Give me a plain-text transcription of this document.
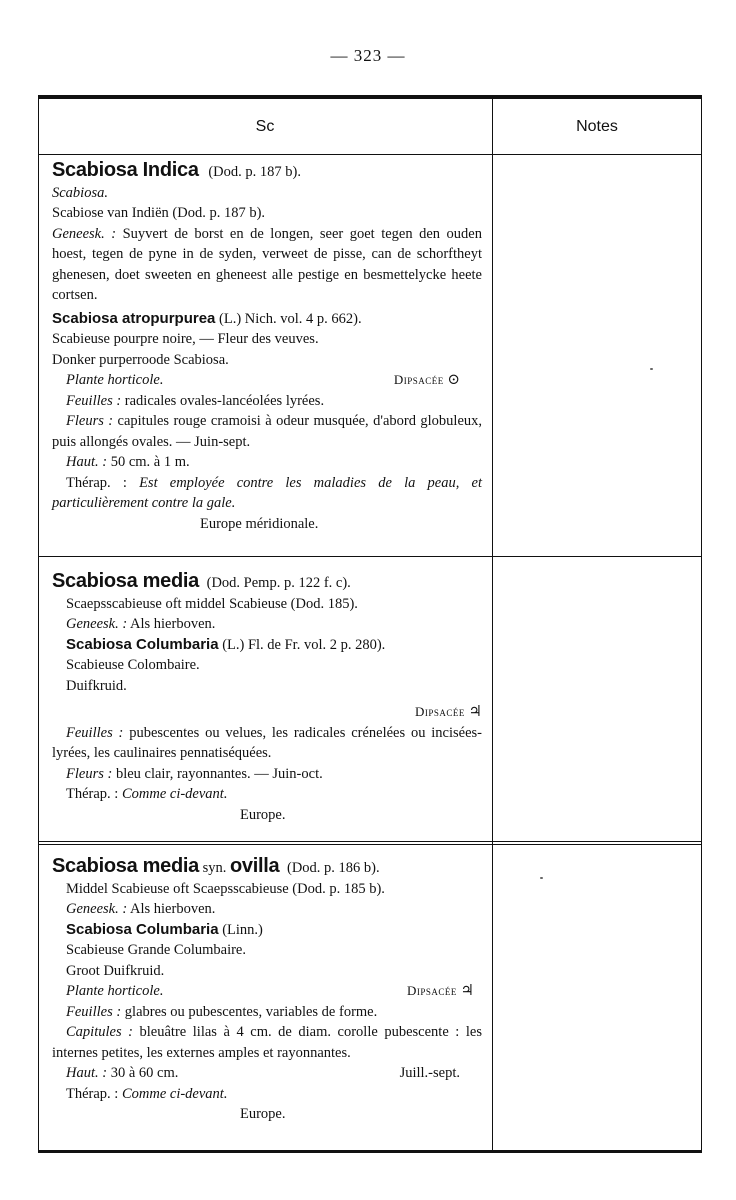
— 323 —
Sc	Notes
Scabiosa Indica (Dod. p. 187 b).
Scabiosa.
Scabiose van Indiën (Dod. p. 187 b).
Geneesk. : Suyvert de borst en de longen, seer goet tegen den ouden hoest, tegen de pyne in de syden, verweet de pisse, can de schorftheyt ghenesen, doet sweeten en gheneest alle pestige en besmettelycke heete cortsen.
Scabiosa atropurpurea (L.) Nich. vol. 4 p. 662).
Scabieuse pourpre noire, — Fleur des veuves.
Donker purperroode Scabiosa.
Plante horticole.	Dipsacée ⊙
Feuilles : radicales ovales-lancéolées lyrées.
Fleurs : capitules rouge cramoisi à odeur musquée, d'abord globuleux, puis allongés ovales. — Juin-sept.
Haut. : 50 cm. à 1 m.
Thérap. : Est employée contre les maladies de la peau, et particulièrement contre la gale.
Europe méridionale.
Scabiosa media (Dod. Pemp. p. 122 f. c).
Scaepsscabieuse oft middel Scabieuse (Dod. 185).
Geneesk. : Als hierboven.
Scabiosa Columbaria (L.) Fl. de Fr. vol. 2 p. 280).
Scabieuse Colombaire.
Duifkruid.
Dipsacée ♃
Feuilles : pubescentes ou velues, les radicales crénelées ou incisées-lyrées, les caulinaires pennatiséquées.
Fleurs : bleu clair, rayonnantes. — Juin-oct.
Thérap. : Comme ci-devant.
Europe.
Scabiosa media syn. ovilla (Dod. p. 186 b).
Middel Scabieuse oft Scaepsscabieuse (Dod. p. 185 b).
Geneesk. : Als hierboven.
Scabiosa Columbaria (Linn.)
Scabieuse Grande Columbaire.
Groot Duifkruid.
Plante horticole.	Dipsacée ♃
Feuilles : glabres ou pubescentes, variables de forme.
Capitules : bleuâtre lilas à 4 cm. de diam. corolle pubescente : les internes petites, les externes amples et rayonnantes.
Haut. : 30 à 60 cm.	Juill.-sept.
Thérap. : Comme ci-devant.
Europe.
